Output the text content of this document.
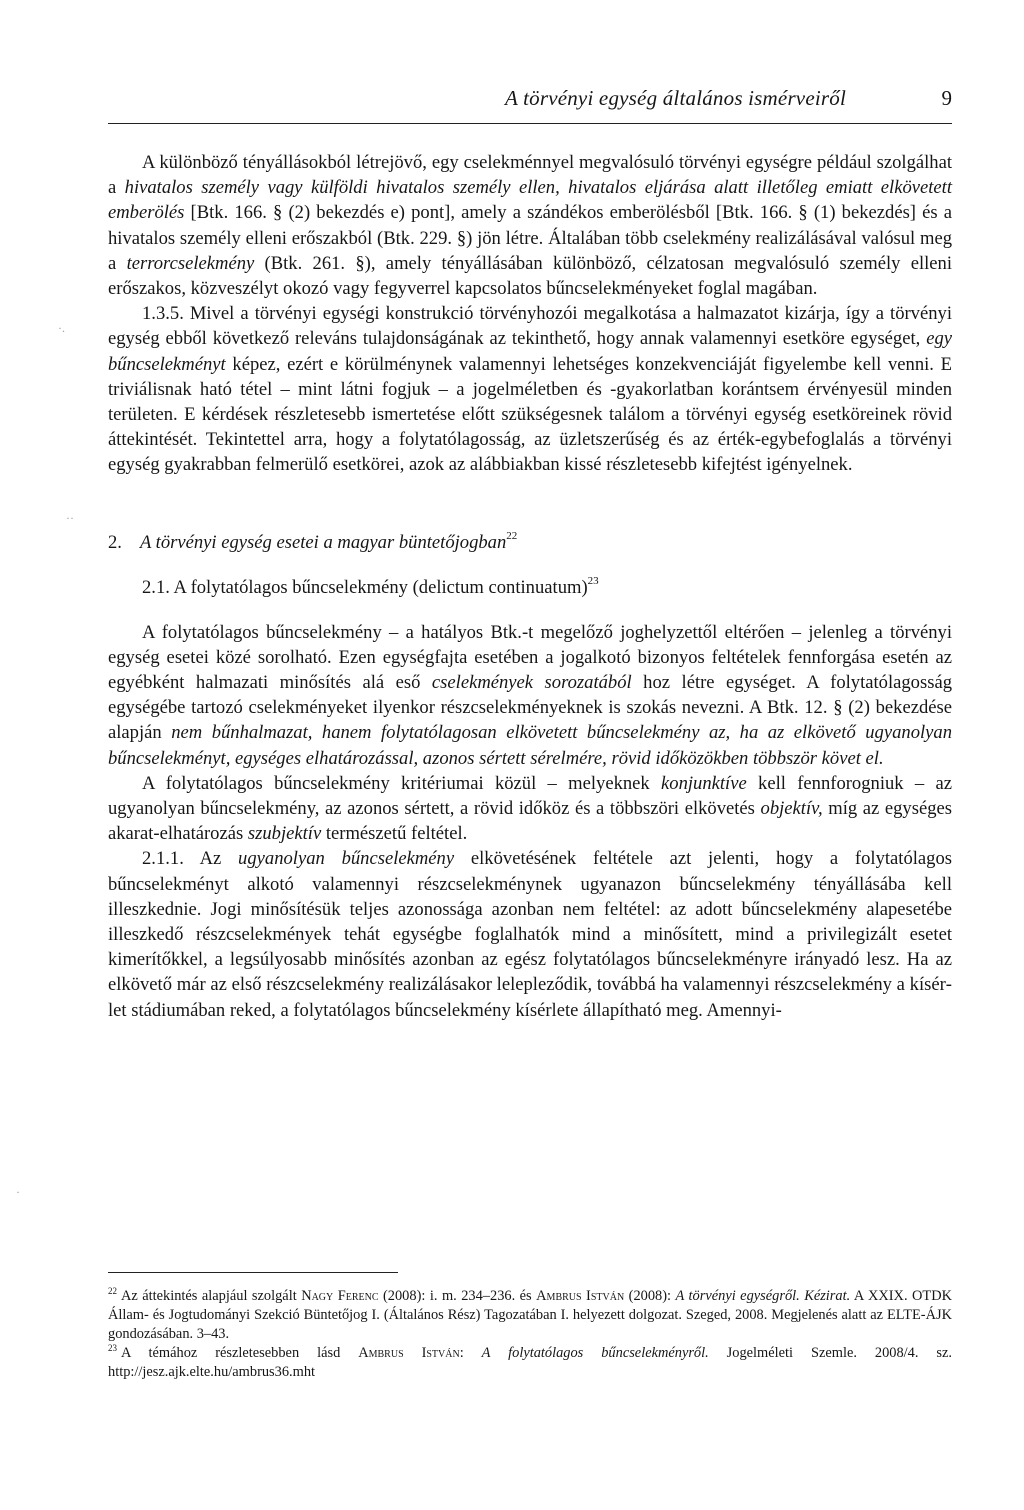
A törvényi egység általános ismérveiről	9

A különböző tényállásokból létrejövő, egy cselekménnyel megvalósuló törvényi egységre például szolgálhat a hivatalos személy vagy külföldi hivatalos személy ellen, hivatalos eljárása alatt illetőleg emiatt elkövetett emberölés [Btk. 166. § (2) bekezdés e) pont], amely a szándékos emberölésből [Btk. 166. § (1) bekezdés] és a hivatalos személy elleni erőszakból (Btk. 229. §) jön létre. Általában több cselekmény realizálásával valósul meg a terrorcselekmény (Btk. 261. §), amely tényállásában különböző, célzatosan megvalósuló személy elleni erőszakos, közveszélyt okozó vagy fegyverrel kapcsolatos bűncselekményeket foglal magában.

1.3.5. Mivel a törvényi egységi konstrukció törvényhozói megalkotása a halmazatot kizárja, így a törvényi egység ebből következő releváns tulajdonságának az tekinthető, hogy annak valamennyi esetköre egységet, egy bűncselekményt képez, ezért e körülménynek valamennyi lehetséges konzekvenciáját figyelembe kell venni. E triviálisnak ható tétel – mint látni fogjuk – a jogelméletben és -gyakorlatban korántsem érvényesül minden területen. E kérdések részletesebb ismertetése előtt szükségesnek találom a törvényi egység esetköreinek rövid áttekintését. Tekintettel arra, hogy a folytatólagosság, az üzletszerűség és az érték-egybefoglalás a törvényi egység gyakrabban felmerülő esetkörei, azok az alábbiakban kissé részletesebb kifejtést igényelnek.

2. A törvényi egység esetei a magyar büntetőjogban$^{22}$

2.1. A folytatólagos bűncselekmény (delictum continuatum)$^{23}$

A folytatólagos bűncselekmény – a hatályos Btk.-t megelőző joghelyzettől eltérően – jelenleg a törvényi egység esetei közé sorolható. Ezen egységfajta esetében a jogalkotó bizonyos feltételek fennforgása esetén az egyébként halmazati minősítés alá eső cselekmények sorozatából hoz létre egységet. A folytatólagosság egységébe tartozó cselekményeket ilyenkor részcselekményeknek is szokás nevezni. A Btk. 12. § (2) bekezdése alapján nem bűnhalmazat, hanem folytatólagosan elkövetett bűncselekmény az, ha az elkövető ugyanolyan bűncselekményt, egységes elhatározással, azonos sértett sérelmére, rövid időközökben többször követ el.

A folytatólagos bűncselekmény kritériumai közül – melyeknek konjunktíve kell fennforogniuk – az ugyanolyan bűncselekmény, az azonos sértett, a rövid időköz és a többszöri elkövetés objektív, míg az egységes akarat-elhatározás szubjektív természetű feltétel.

2.1.1. Az ugyanolyan bűncselekmény elkövetésének feltétele azt jelenti, hogy a folytatólagos bűncselekményt alkotó valamennyi részcselekménynek ugyanazon bűncselekmény tényállásába kell illeszkednie. Jogi minősítésük teljes azonossága azonban nem feltétel: az adott bűncselekmény alapesetébe illeszkedő részcselekmények tehát egységbe foglalhatók mind a minősített, mind a privilegizált esetet kimerítőkkel, a legsúlyosabb minősítés azonban az egész folytatólagos bűncselekményre irányadó lesz. Ha az elkövető már az első részcselekmény realizálásakor lelepleződik, továbbá ha valamennyi részcselekmény a kísérlet stádiumában reked, a folytatólagos bűncselekmény kísérlete állapítható meg. Amennyi-

$^{22}$ Az áttekintés alapjául szolgált Nagy Ferenc (2008): i. m. 234–236. és Ambrus István (2008): A törvényi egységről. Kézirat. A XXIX. OTDK Állam- és Jogtudományi Szekció Büntetőjog I. (Általános Rész) Tagozatában I. helyezett dolgozat. Szeged, 2008. Megjelenés alatt az ELTE-ÁJK gondozásában. 3–43.

$^{23}$ A témához részletesebben lásd Ambrus István: A folytatólagos bűncselekményről. Jogelméleti Szemle. 2008/4. sz. http://jesz.ajk.elte.hu/ambrus36.mht

·.
··
·
